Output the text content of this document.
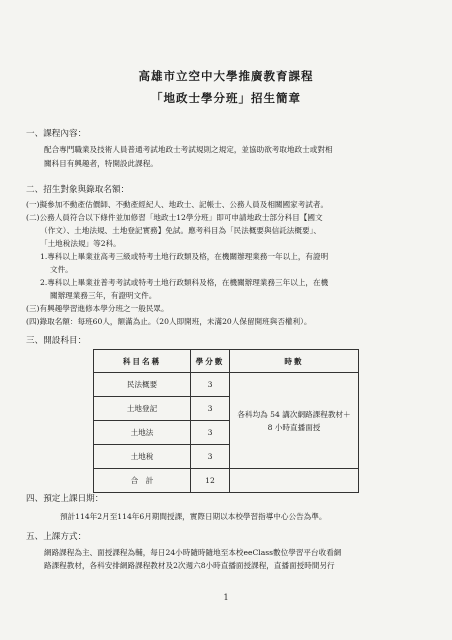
高雄市立空中大學推廣教育課程
「地政士學分班」招生簡章
一、課程內容：
配合專門職業及技術人員普通考試地政士考試規則之規定，並協助欲考取地政士或對相
關科目有興趣者，特開設此課程。
二、招生對象與錄取名額：
(一)擬參加不動產估價師、不動產經紀人、地政士、記帳士、公務人員及相關國家考試者。
(二)公務人員符合以下條件並加修習「地政士12學分班」即可申請地政士部分科目【國文
（作文）、土地法規、土地登記實務】免試。應考科目為「民法概要與信託法概要」、
「土地稅法規」等2科。
1.專科以上畢業並高考三級或特考土地行政類及格，在機關辦理業務一年以上，有證明
文件。
2.專科以上畢業並普考考試或特考土地行政類科及格，在機關辦理業務三年以上，在機
關辦理業務三年，有證明文件。
(三)有興趣學習進修本學分班之一般民眾。
(四)錄取名額：每班60人，額滿為止。（20人即開班，未滿20人保留開班與否權利）。
三、開設科目：
科目名稱	學分數	時數
民法概要	3	各科均為 54 講次網路課程教材＋
8 小時直播面授

土地登記	3	
土地法	3	
土地稅	3	
合　計	12	
四、預定上課日期：
預計114年2月至114年6月期間授課，實際日期以本校學習指導中心公告為準。
五、上課方式：
網路課程為主、面授課程為輔，每日24小時隨時隨地至本校eeClass數位學習平台收看網
路課程教材，各科安排網路課程教材及2次週六8小時直播面授課程，直播面授時間另行
1
